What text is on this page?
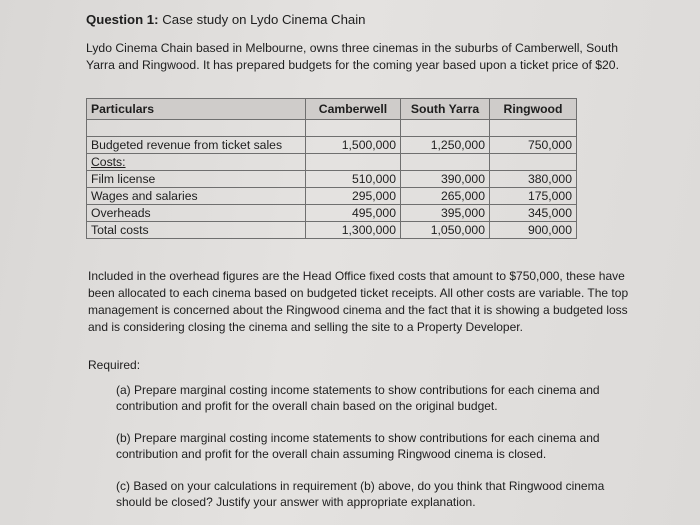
Question 1: Case study on Lydo Cinema Chain

Lydo Cinema Chain based in Melbourne, owns three cinemas in the suburbs of Camberwell, South Yarra and Ringwood. It has prepared budgets for the coming year based upon a ticket price of $20.

Particulars	Camberwell	South Yarra	Ringwood

Budgeted revenue from ticket sales	1,500,000	1,250,000	750,000
Costs:			
Film license	510,000	390,000	380,000
Wages and salaries	295,000	265,000	175,000
Overheads	495,000	395,000	345,000
Total costs	1,300,000	1,050,000	900,000

Included in the overhead figures are the Head Office fixed costs that amount to $750,000, these have been allocated to each cinema based on budgeted ticket receipts. All other costs are variable. The top management is concerned about the Ringwood cinema and the fact that it is showing a budgeted loss and is considering closing the cinema and selling the site to a Property Developer.

Required:

(a) Prepare marginal costing income statements to show contributions for each cinema and contribution and profit for the overall chain based on the original budget.

(b) Prepare marginal costing income statements to show contributions for each cinema and contribution and profit for the overall chain assuming Ringwood cinema is closed.

(c) Based on your calculations in requirement (b) above, do you think that Ringwood cinema should be closed? Justify your answer with appropriate explanation.
